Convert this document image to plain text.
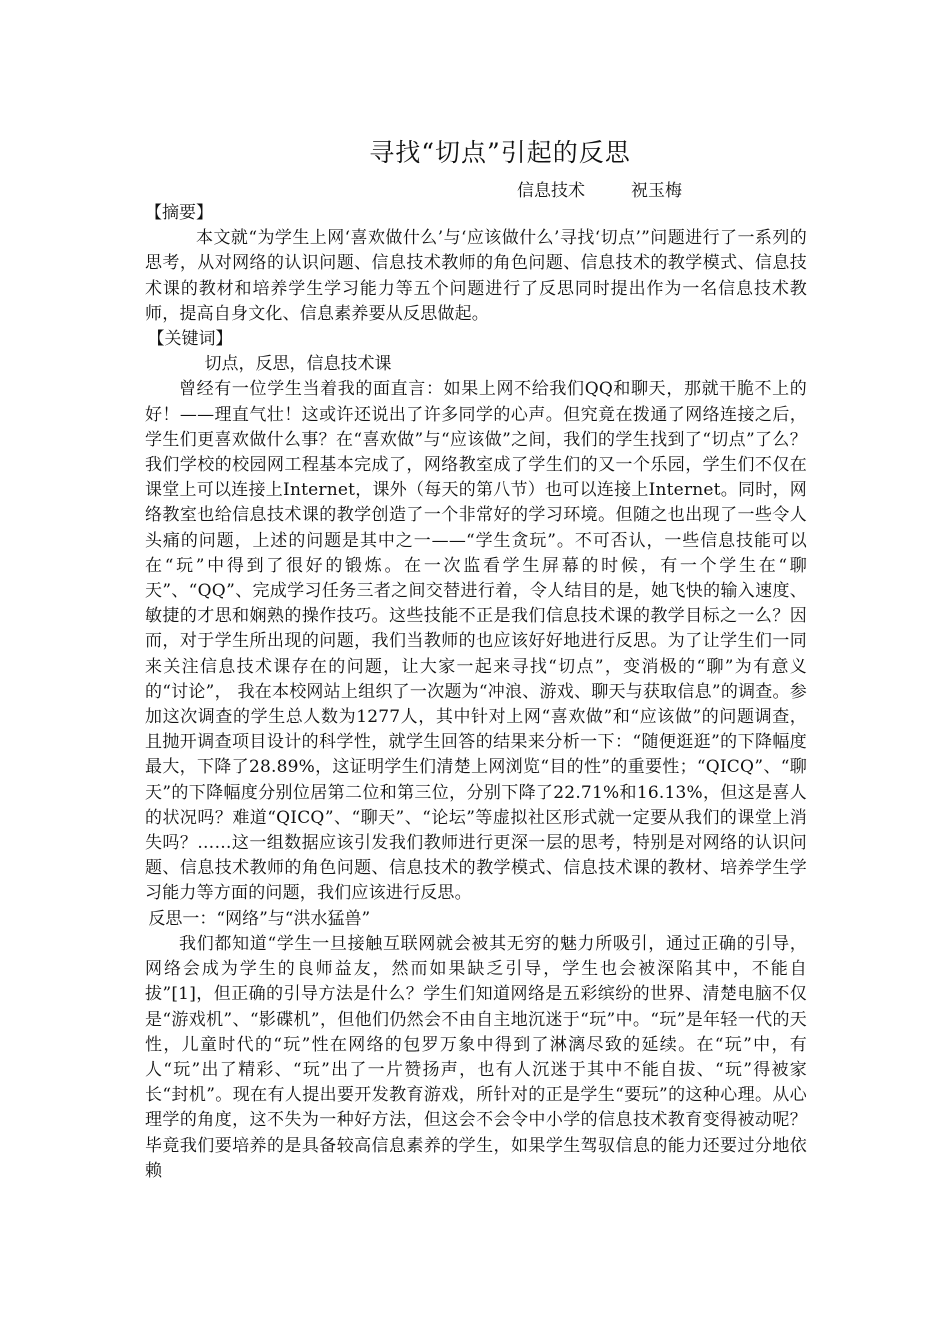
寻找“切点”引起的反思
信息技术	祝玉梅
【摘要】

本文就“为学生上网‘喜欢做什么’与‘应该做什么’寻找‘切点’”问题进行了一系列的思考，从对网络的认识问题、信息技术教师的角色问题、信息技术的教学模式、信息技术课的教材和培养学生学习能力等五个问题进行了反思同时提出作为一名信息技术教师，提高自身文化、信息素养要从反思做起。

【关键词】
切点，反思，信息技术课

曾经有一位学生当着我的面直言：如果上网不给我们QQ和聊天，那就干脆不上的好！——理直气壮！这或许还说出了许多同学的心声。但究竟在拨通了网络连接之后，学生们更喜欢做什么事？在“喜欢做”与“应该做”之间，我们的学生找到了“切点”了么？我们学校的校园网工程基本完成了，网络教室成了学生们的又一个乐园，学生们不仅在课堂上可以连接上Internet，课外（每天的第八节）也可以连接上Internet。同时，网络教室也给信息技术课的教学创造了一个非常好的学习环境。但随之也出现了一些令人头痛的问题，上述的问题是其中之一——“学生贪玩”。不可否认，一些信息技能可以在“玩”中得到了很好的锻炼。在一次监看学生屏幕的时候，有一个学生在“聊天”、“QQ”、完成学习任务三者之间交替进行着，令人结目的是，她飞快的输入速度、敏捷的才思和娴熟的操作技巧。这些技能不正是我们信息技术课的教学目标之一么？因而，对于学生所出现的问题，我们当教师的也应该好好地进行反思。为了让学生们一同来关注信息技术课存在的问题，让大家一起来寻找“切点”，变消极的“聊”为有意义的“讨论”， 我在本校网站上组织了一次题为“冲浪、游戏、聊天与获取信息”的调查。参加这次调查的学生总人数为1277人，其中针对上网“喜欢做”和“应该做”的问题调查，且抛开调查项目设计的科学性，就学生回答的结果来分析一下：“随便逛逛”的下降幅度最大，下降了28.89%，这证明学生们清楚上网浏览“目的性”的重要性；“QICQ”、“聊天”的下降幅度分别位居第二位和第三位，分别下降了22.71%和16.13%，但这是喜人的状况吗？难道“QICQ”、“聊天”、“论坛”等虚拟社区形式就一定要从我们的课堂上消失吗？……这一组数据应该引发我们教师进行更深一层的思考，特别是对网络的认识问题、信息技术教师的角色问题、信息技术的教学模式、信息技术课的教材、培养学生学习能力等方面的问题，我们应该进行反思。

反思一：“网络”与“洪水猛兽”

我们都知道“学生一旦接触互联网就会被其无穷的魅力所吸引，通过正确的引导，网络会成为学生的良师益友，然而如果缺乏引导，学生也会被深陷其中，不能自拔”[1]，但正确的引导方法是什么？学生们知道网络是五彩缤纷的世界、清楚电脑不仅是“游戏机”、“影碟机”，但他们仍然会不由自主地沉迷于“玩”中。“玩”是年轻一代的天性，儿童时代的“玩”性在网络的包罗万象中得到了淋漓尽致的延续。在“玩”中，有人“玩”出了精彩、“玩”出了一片赞扬声，也有人沉迷于其中不能自拔、“玩”得被家长“封机”。现在有人提出要开发教育游戏，所针对的正是学生“要玩”的这种心理。从心理学的角度，这不失为一种好方法，但这会不会令中小学的信息技术教育变得被动呢？毕竟我们要培养的是具备较高信息素养的学生，如果学生驾驭信息的能力还要过分地依赖
